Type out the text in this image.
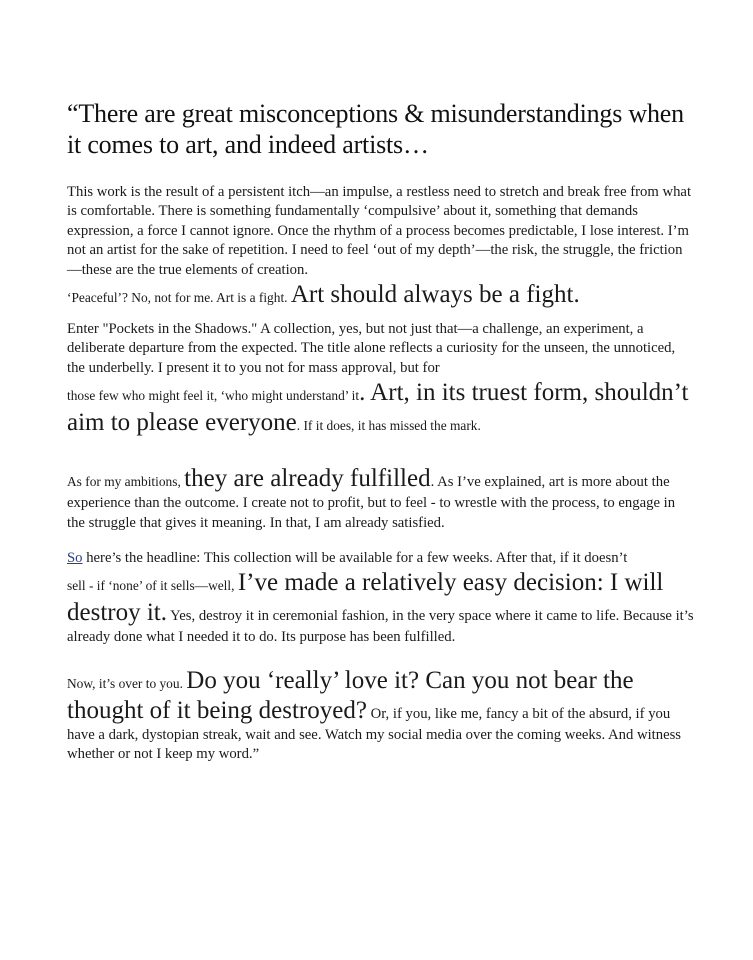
“There are great misconceptions & misunderstandings when it comes to art, and indeed artists…

This work is the result of a persistent itch—an impulse, a restless need to stretch and break free from what is comfortable. There is something fundamentally ‘compulsive’ about it, something that demands expression, a force I cannot ignore. Once the rhythm of a process becomes predictable, I lose interest. I’m not an artist for the sake of repetition. I need to feel ‘out of my depth’—the risk, the struggle, the friction—these are the true elements of creation.
‘Peaceful’? No, not for me. Art is a fight. Art should always be a fight.

Enter "Pockets in the Shadows." A collection, yes, but not just that—a challenge, an experiment, a deliberate departure from the expected. The title alone reflects a curiosity for the unseen, the unnoticed, the underbelly. I present it to you not for mass approval, but for
those few who might feel it, ‘who might understand’ it. Art, in its truest form, shouldn’t aim to please everyone. If it does, it has missed the mark.

As for my ambitions, they are already fulfilled. As I’ve explained, art is more about the experience than the outcome. I create not to profit, but to feel - to wrestle with the process, to engage in the struggle that gives it meaning. In that, I am already satisfied.

So here’s the headline: This collection will be available for a few weeks. After that, if it doesn’t
sell - if ‘none’ of it sells—well, I’ve made a relatively easy decision: I will destroy it. Yes, destroy it in ceremonial fashion, in the very space where it came to life. Because it’s already done what I needed it to do. Its purpose has been fulfilled.

Now, it’s over to you. Do you ‘really’ love it? Can you not bear the thought of it being destroyed? Or, if you, like me, fancy a bit of the absurd, if you have a dark, dystopian streak, wait and see. Watch my social media over the coming weeks. And witness whether or not I keep my word.”
